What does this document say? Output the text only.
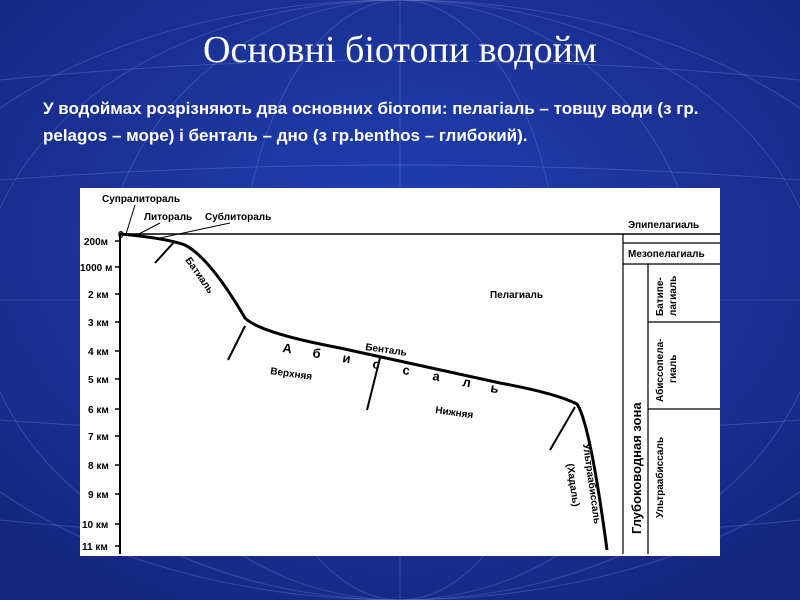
Основні біотопи водойм
У водоймах розрізняють два основних біотопи: пелагіаль – товщу води (з гр. pelagos – море) і бенталь – дно (з гр.benthos – глибокий).
0
200м
1000 м
2 км
3 км
4 км
5 км
6 км
7 км
8 км
9 км
10 км
11 км
Супралитораль
Литораль Сублитораль
Батиаль	Пелагиаль
Бенталь
А б и с с а л ь
Верхняя
Нижняя
Ультраабиссаль
(Хадаль)
Эпипелагиаль
Мезопелагиаль
Глубоководная зона
Батипе- лагиаль
Абиссопела- гиаль
Ультраабиссаль
